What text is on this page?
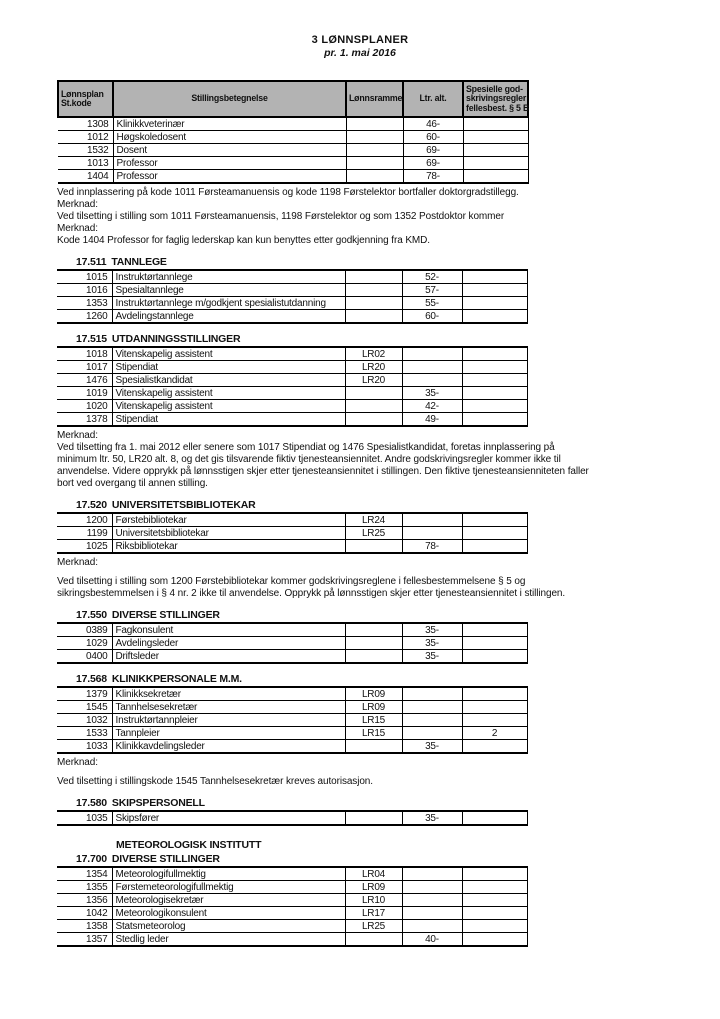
3 LØNNSPLANER
pr. 1. mai 2016
Lønnsplan
St.kode	Stillingsbetegnelse	Lønnsramme	Ltr. alt.	
Spesielle god-
skrivingsregler
fellesbest. § 5 B

1308	Klinikkveterinær		46-	
1012	Høgskoledosent		60-	
1532	Dosent		69-	
1013	Professor		69-	
1404	Professor		78-	
Ved innplassering på kode 1011 Førsteamanuensis og kode 1198 Førstelektor bortfaller doktorgradstillegg.
Merknad:
Ved tilsetting i stilling som 1011 Førsteamanuensis, 1198 Førstelektor og som 1352 Postdoktor kommer
Merknad:
Kode 1404 Professor for faglig lederskap kan kun benyttes etter godkjenning fra KMD.
17.511 TANNLEGE
1015	Instruktørtannlege		52-	
1016	Spesialtannlege		57-	
1353	Instruktørtannlege m/godkjent spesialistutdanning		55-	
1260	Avdelingstannlege		60-	
17.515 UTDANNINGSSTILLINGER
1018	Vitenskapelig assistent	LR02		
1017	Stipendiat	LR20		
1476	Spesialistkandidat	LR20		
1019	Vitenskapelig assistent		35-	
1020	Vitenskapelig assistent		42-	
1378	Stipendiat		49-	
Merknad:
Ved tilsetting fra 1. mai 2012 eller senere som 1017 Stipendiat og 1476 Spesialistkandidat, foretas innplassering på
minimum ltr. 50, LR20 alt. 8, og det gis tilsvarende fiktiv tjenesteansiennitet. Andre godskrivingsregler kommer ikke til
anvendelse. Videre opprykk på lønnsstigen skjer etter tjenesteansiennitet i stillingen. Den fiktive tjenesteansienniteten faller
bort ved overgang til annen stilling.
17.520 UNIVERSITETSBIBLIOTEKAR
1200	Førstebibliotekar	LR24		
1199	Universitetsbibliotekar	LR25		
1025	Riksbibliotekar		78-	
Merknad:
Ved tilsetting i stilling som 1200 Førstebibliotekar kommer godskrivingsreglene i fellesbestemmelsene § 5 og
sikringsbestemmelsen i § 4 nr. 2 ikke til anvendelse. Opprykk på lønnsstigen skjer etter tjenesteansiennitet i stillingen.
17.550 DIVERSE STILLINGER
0389	Fagkonsulent		35-	
1029	Avdelingsleder		35-	
0400	Driftsleder		35-	
17.568 KLINIKKPERSONALE M.M.
1379	Klinikksekretær	LR09		
1545	Tannhelsesekretær	LR09		
1032	Instruktørtannpleier	LR15		
1533	Tannpleier	LR15		2
1033	Klinikkavdelingsleder		35-	
Merknad:
Ved tilsetting i stillingskode 1545 Tannhelsesekretær kreves autorisasjon.
17.580 SKIPSPERSONELL
1035	Skipsfører		35-	
METEOROLOGISK INSTITUTT
17.700 DIVERSE STILLINGER
1354	Meteorologifullmektig	LR04		
1355	Førstemeteorologifullmektig	LR09		
1356	Meteorologisekretær	LR10		
1042	Meteorologikonsulent	LR17		
1358	Statsmeteorolog	LR25		
1357	Stedlig leder		40-	
